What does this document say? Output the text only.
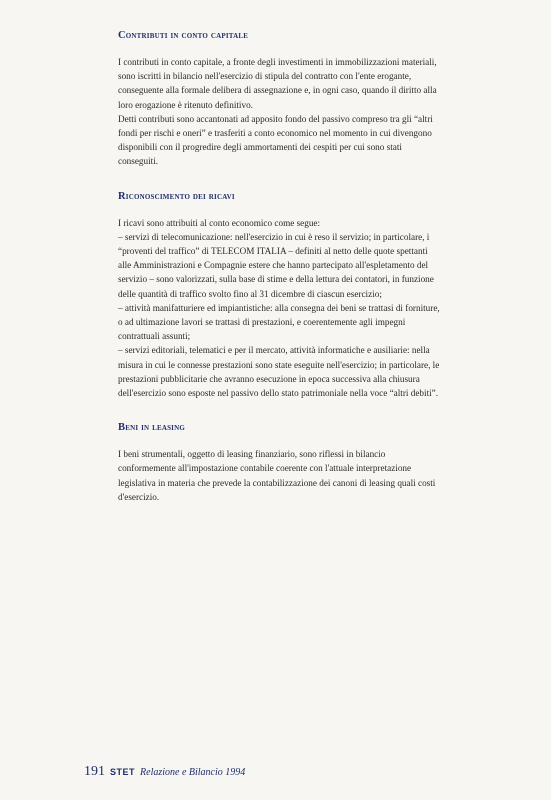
Contributi in conto capitale

I contributi in conto capitale, a fronte degli investimenti in immobilizzazioni materiali, sono iscritti in bilancio nell'esercizio di stipula del contratto con l'ente erogante, conseguente alla formale delibera di assegnazione e, in ogni caso, quando il diritto alla loro erogazione è ritenuto definitivo.

Detti contributi sono accantonati ad apposito fondo del passivo compreso tra gli “altri fondi per rischi e oneri” e trasferiti a conto economico nel momento in cui divengono disponibili con il progredire degli ammortamenti dei cespiti per cui sono stati conseguiti.

Riconoscimento dei ricavi

I ricavi sono attribuiti al conto economico come segue:

– servizi di telecomunicazione: nell'esercizio in cui è reso il servizio; in particolare, i “proventi del traffico” di TELECOM ITALIA – definiti al netto delle quote spettanti alle Amministrazioni e Compagnie estere che hanno partecipato all'espletamento del servizio – sono valorizzati, sulla base di stime e della lettura dei contatori, in funzione delle quantità di traffico svolto fino al 31 dicembre di ciascun esercizio;

– attività manifatturiere ed impiantistiche: alla consegna dei beni se trattasi di forniture, o ad ultimazione lavori se trattasi di prestazioni, e coerentemente agli impegni contrattuali assunti;

– servizi editoriali, telematici e per il mercato, attività informatiche e ausiliarie: nella misura in cui le connesse prestazioni sono state eseguite nell'esercizio; in particolare, le prestazioni pubblicitarie che avranno esecuzione in epoca successiva alla chiusura dell'esercizio sono esposte nel passivo dello stato patrimoniale nella voce “altri debiti”.

Beni in leasing

I beni strumentali, oggetto di leasing finanziario, sono riflessi in bilancio conformemente all'impostazione contabile coerente con l'attuale interpretazione legislativa in materia che prevede la contabilizzazione dei canoni di leasing quali costi d'esercizio.

191 STET Relazione e Bilancio 1994
